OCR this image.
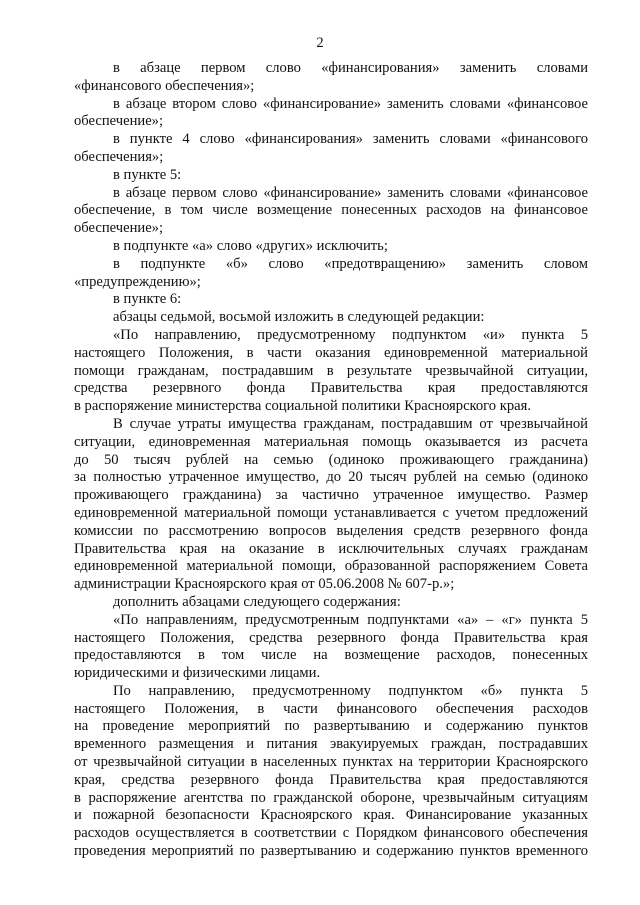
2
в абзаце первом слово «финансирования» заменить словами
«финансового обеспечения»;
в абзаце втором слово «финансирование» заменить словами «финансовое
обеспечение»;
в пункте 4 слово «финансирования» заменить словами «финансового
обеспечения»;
в пункте 5:
в абзаце первом слово «финансирование» заменить словами «финансовое
обеспечение, в том числе возмещение понесенных расходов на финансовое
обеспечение»;
в подпункте «а» слово «других» исключить;
в подпункте «б» слово «предотвращению» заменить словом
«предупреждению»;
в пункте 6:
абзацы седьмой, восьмой изложить в следующей редакции:
«По направлению, предусмотренному подпунктом «и» пункта 5
настоящего Положения, в части оказания единовременной материальной
помощи гражданам, пострадавшим в результате чрезвычайной ситуации,
средства резервного фонда Правительства края предоставляются
в распоряжение министерства социальной политики Красноярского края.
В случае утраты имущества гражданам, пострадавшим от чрезвычайной
ситуации, единовременная материальная помощь оказывается из расчета
до 50 тысяч рублей на семью (одиноко проживающего гражданина)
за полностью утраченное имущество, до 20 тысяч рублей на семью (одиноко
проживающего гражданина) за частично утраченное имущество. Размер
единовременной материальной помощи устанавливается с учетом предложений
комиссии по рассмотрению вопросов выделения средств резервного фонда
Правительства края на оказание в исключительных случаях гражданам
единовременной материальной помощи, образованной распоряжением Совета
администрации Красноярского края от 05.06.2008 № 607-р.»;
дополнить абзацами следующего содержания:
«По направлениям, предусмотренным подпунктами «а» – «г» пункта 5
настоящего Положения, средства резервного фонда Правительства края
предоставляются в том числе на возмещение расходов, понесенных
юридическими и физическими лицами.
По направлению, предусмотренному подпунктом «б» пункта 5
настоящего Положения, в части финансового обеспечения расходов
на проведение мероприятий по развертыванию и содержанию пунктов
временного размещения и питания эвакуируемых граждан, пострадавших
от чрезвычайной ситуации в населенных пунктах на территории Красноярского
края, средства резервного фонда Правительства края предоставляются
в распоряжение агентства по гражданской обороне, чрезвычайным ситуациям
и пожарной безопасности Красноярского края. Финансирование указанных
расходов осуществляется в соответствии с Порядком финансового обеспечения
проведения мероприятий по развертыванию и содержанию пунктов временного
